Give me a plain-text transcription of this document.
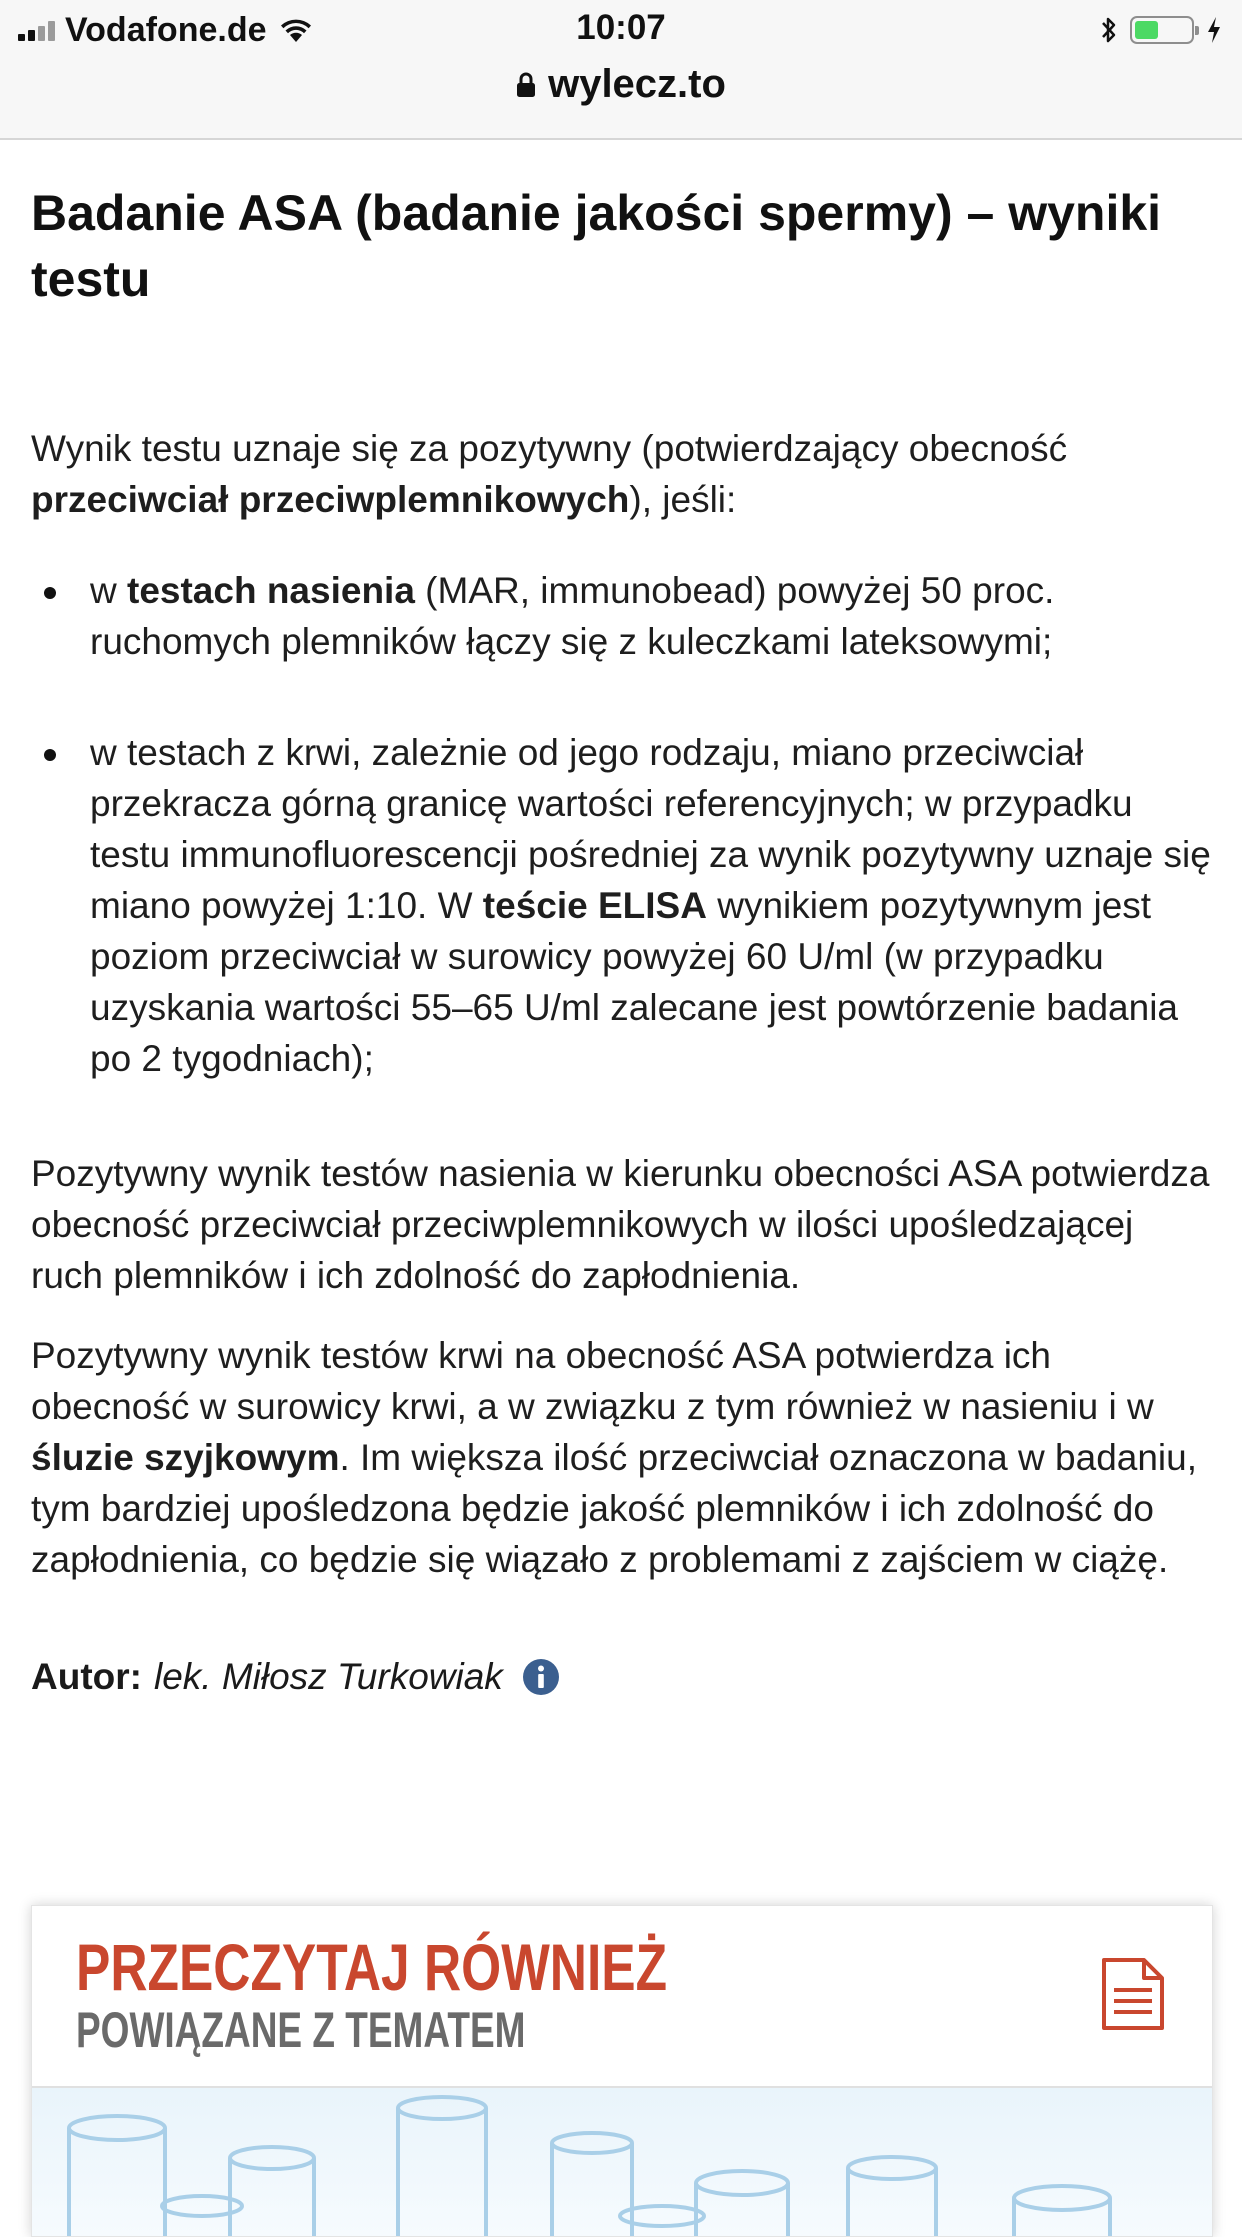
Vodafone.de	10:07
wylecz.to
Badanie ASA (badanie jakości spermy) – wyniki testu

Wynik testu uznaje się za pozytywny (potwierdzający obecność przeciwciał przeciwplemnikowych), jeśli:

w testach nasienia (MAR, immunobead) powyżej 50 proc. ruchomych plemników łączy się z kuleczkami lateksowymi;
w testach z krwi, zależnie od jego rodzaju, miano przeciwciał przekracza górną granicę wartości referencyjnych; w przypadku testu immunofluorescencji pośredniej za wynik pozytywny uznaje się miano powyżej 1:10. W teście ELISA wynikiem pozytywnym jest poziom przeciwciał w surowicy powyżej 60 U/ml (w przypadku uzyskania wartości 55–65 U/ml zalecane jest powtórzenie badania po 2 tygodniach);

Pozytywny wynik testów nasienia w kierunku obecności ASA potwierdza obecność przeciwciał przeciwplemnikowych w ilości upośledzającej ruch plemników i ich zdolność do zapłodnienia.

Pozytywny wynik testów krwi na obecność ASA potwierdza ich obecność w surowicy krwi, a w związku z tym również w nasieniu i w śluzie szyjkowym. Im większa ilość przeciwciał oznaczona w badaniu, tym bardziej upośledzona będzie jakość plemników i ich zdolność do zapłodnienia, co będzie się wiązało z problemami z zajściem w ciążę.

Autor: lek. Miłosz Turkowiak
PRZECZYTAJ RÓWNIEŻ
POWIĄZANE Z TEMATEM
